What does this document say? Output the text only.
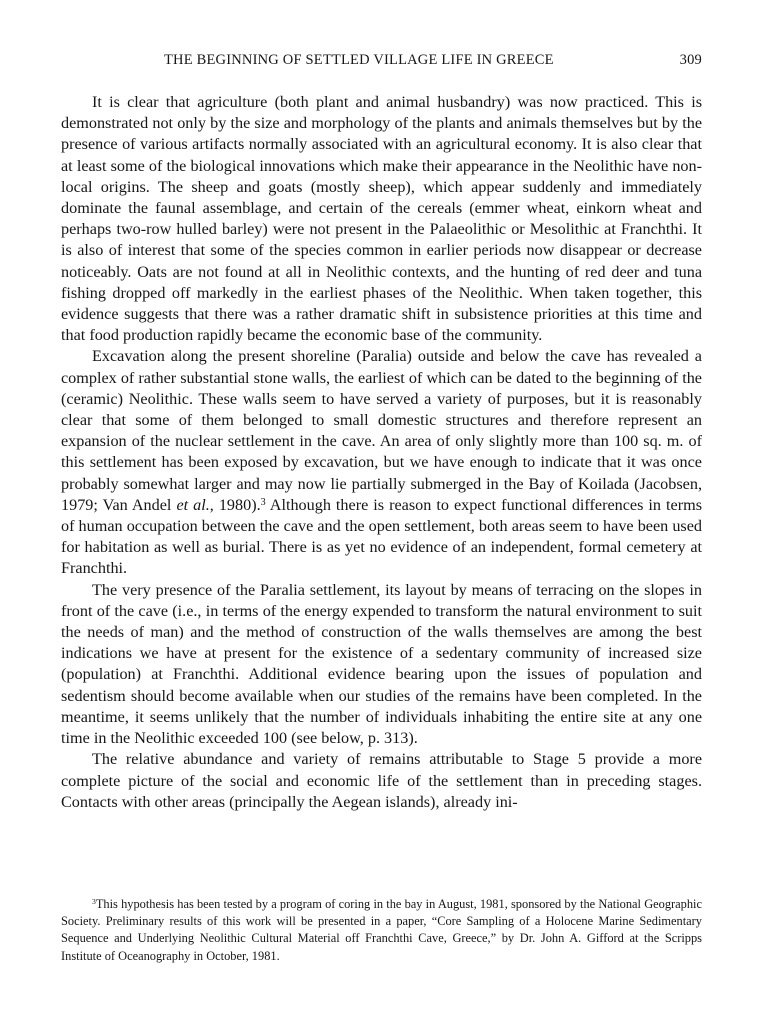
THE BEGINNING OF SETTLED VILLAGE LIFE IN GREECE	309

It is clear that agriculture (both plant and animal husbandry) was now practiced. This is demonstrated not only by the size and morphology of the plants and animals themselves but by the presence of various artifacts normally associated with an agricultural economy. It is also clear that at least some of the biological innovations which make their appearance in the Neolithic have non-local origins. The sheep and goats (mostly sheep), which appear suddenly and immediately dominate the faunal assemblage, and certain of the cereals (emmer wheat, einkorn wheat and perhaps two-row hulled barley) were not present in the Palaeolithic or Mesolithic at Franchthi. It is also of interest that some of the species common in earlier periods now disappear or decrease noticeably. Oats are not found at all in Neolithic contexts, and the hunting of red deer and tuna fishing dropped off markedly in the earliest phases of the Neolithic. When taken together, this evidence suggests that there was a rather dramatic shift in subsistence priorities at this time and that food production rapidly became the economic base of the community.

Excavation along the present shoreline (Paralia) outside and below the cave has revealed a complex of rather substantial stone walls, the earliest of which can be dated to the beginning of the (ceramic) Neolithic. These walls seem to have served a variety of purposes, but it is reasonably clear that some of them belonged to small domestic structures and therefore represent an expansion of the nuclear settlement in the cave. An area of only slightly more than 100 sq. m. of this settlement has been exposed by excavation, but we have enough to indicate that it was once probably somewhat larger and may now lie partially submerged in the Bay of Koilada (Jacobsen, 1979; Van Andel et al., 1980).$^3$ Although there is reason to expect functional differences in terms of human occupation between the cave and the open settlement, both areas seem to have been used for habitation as well as burial. There is as yet no evidence of an independent, formal cemetery at Franchthi.

The very presence of the Paralia settlement, its layout by means of terracing on the slopes in front of the cave (i.e., in terms of the energy expended to transform the natural environment to suit the needs of man) and the method of construction of the walls themselves are among the best indications we have at present for the existence of a sedentary community of increased size (population) at Franchthi. Additional evidence bearing upon the issues of population and sedentism should become available when our studies of the remains have been completed. In the meantime, it seems unlikely that the number of individuals inhabiting the entire site at any one time in the Neolithic exceeded 100 (see below, p. 313).

The relative abundance and variety of remains attributable to Stage 5 provide a more complete picture of the social and economic life of the settlement than in preceding stages. Contacts with other areas (principally the Aegean islands), already ini-

$^3$This hypothesis has been tested by a program of coring in the bay in August, 1981, sponsored by the National Geographic Society. Preliminary results of this work will be presented in a paper, “Core Sampling of a Holocene Marine Sedimentary Sequence and Underlying Neolithic Cultural Material off Franchthi Cave, Greece,” by Dr. John A. Gifford at the Scripps Institute of Oceanography in October, 1981.
